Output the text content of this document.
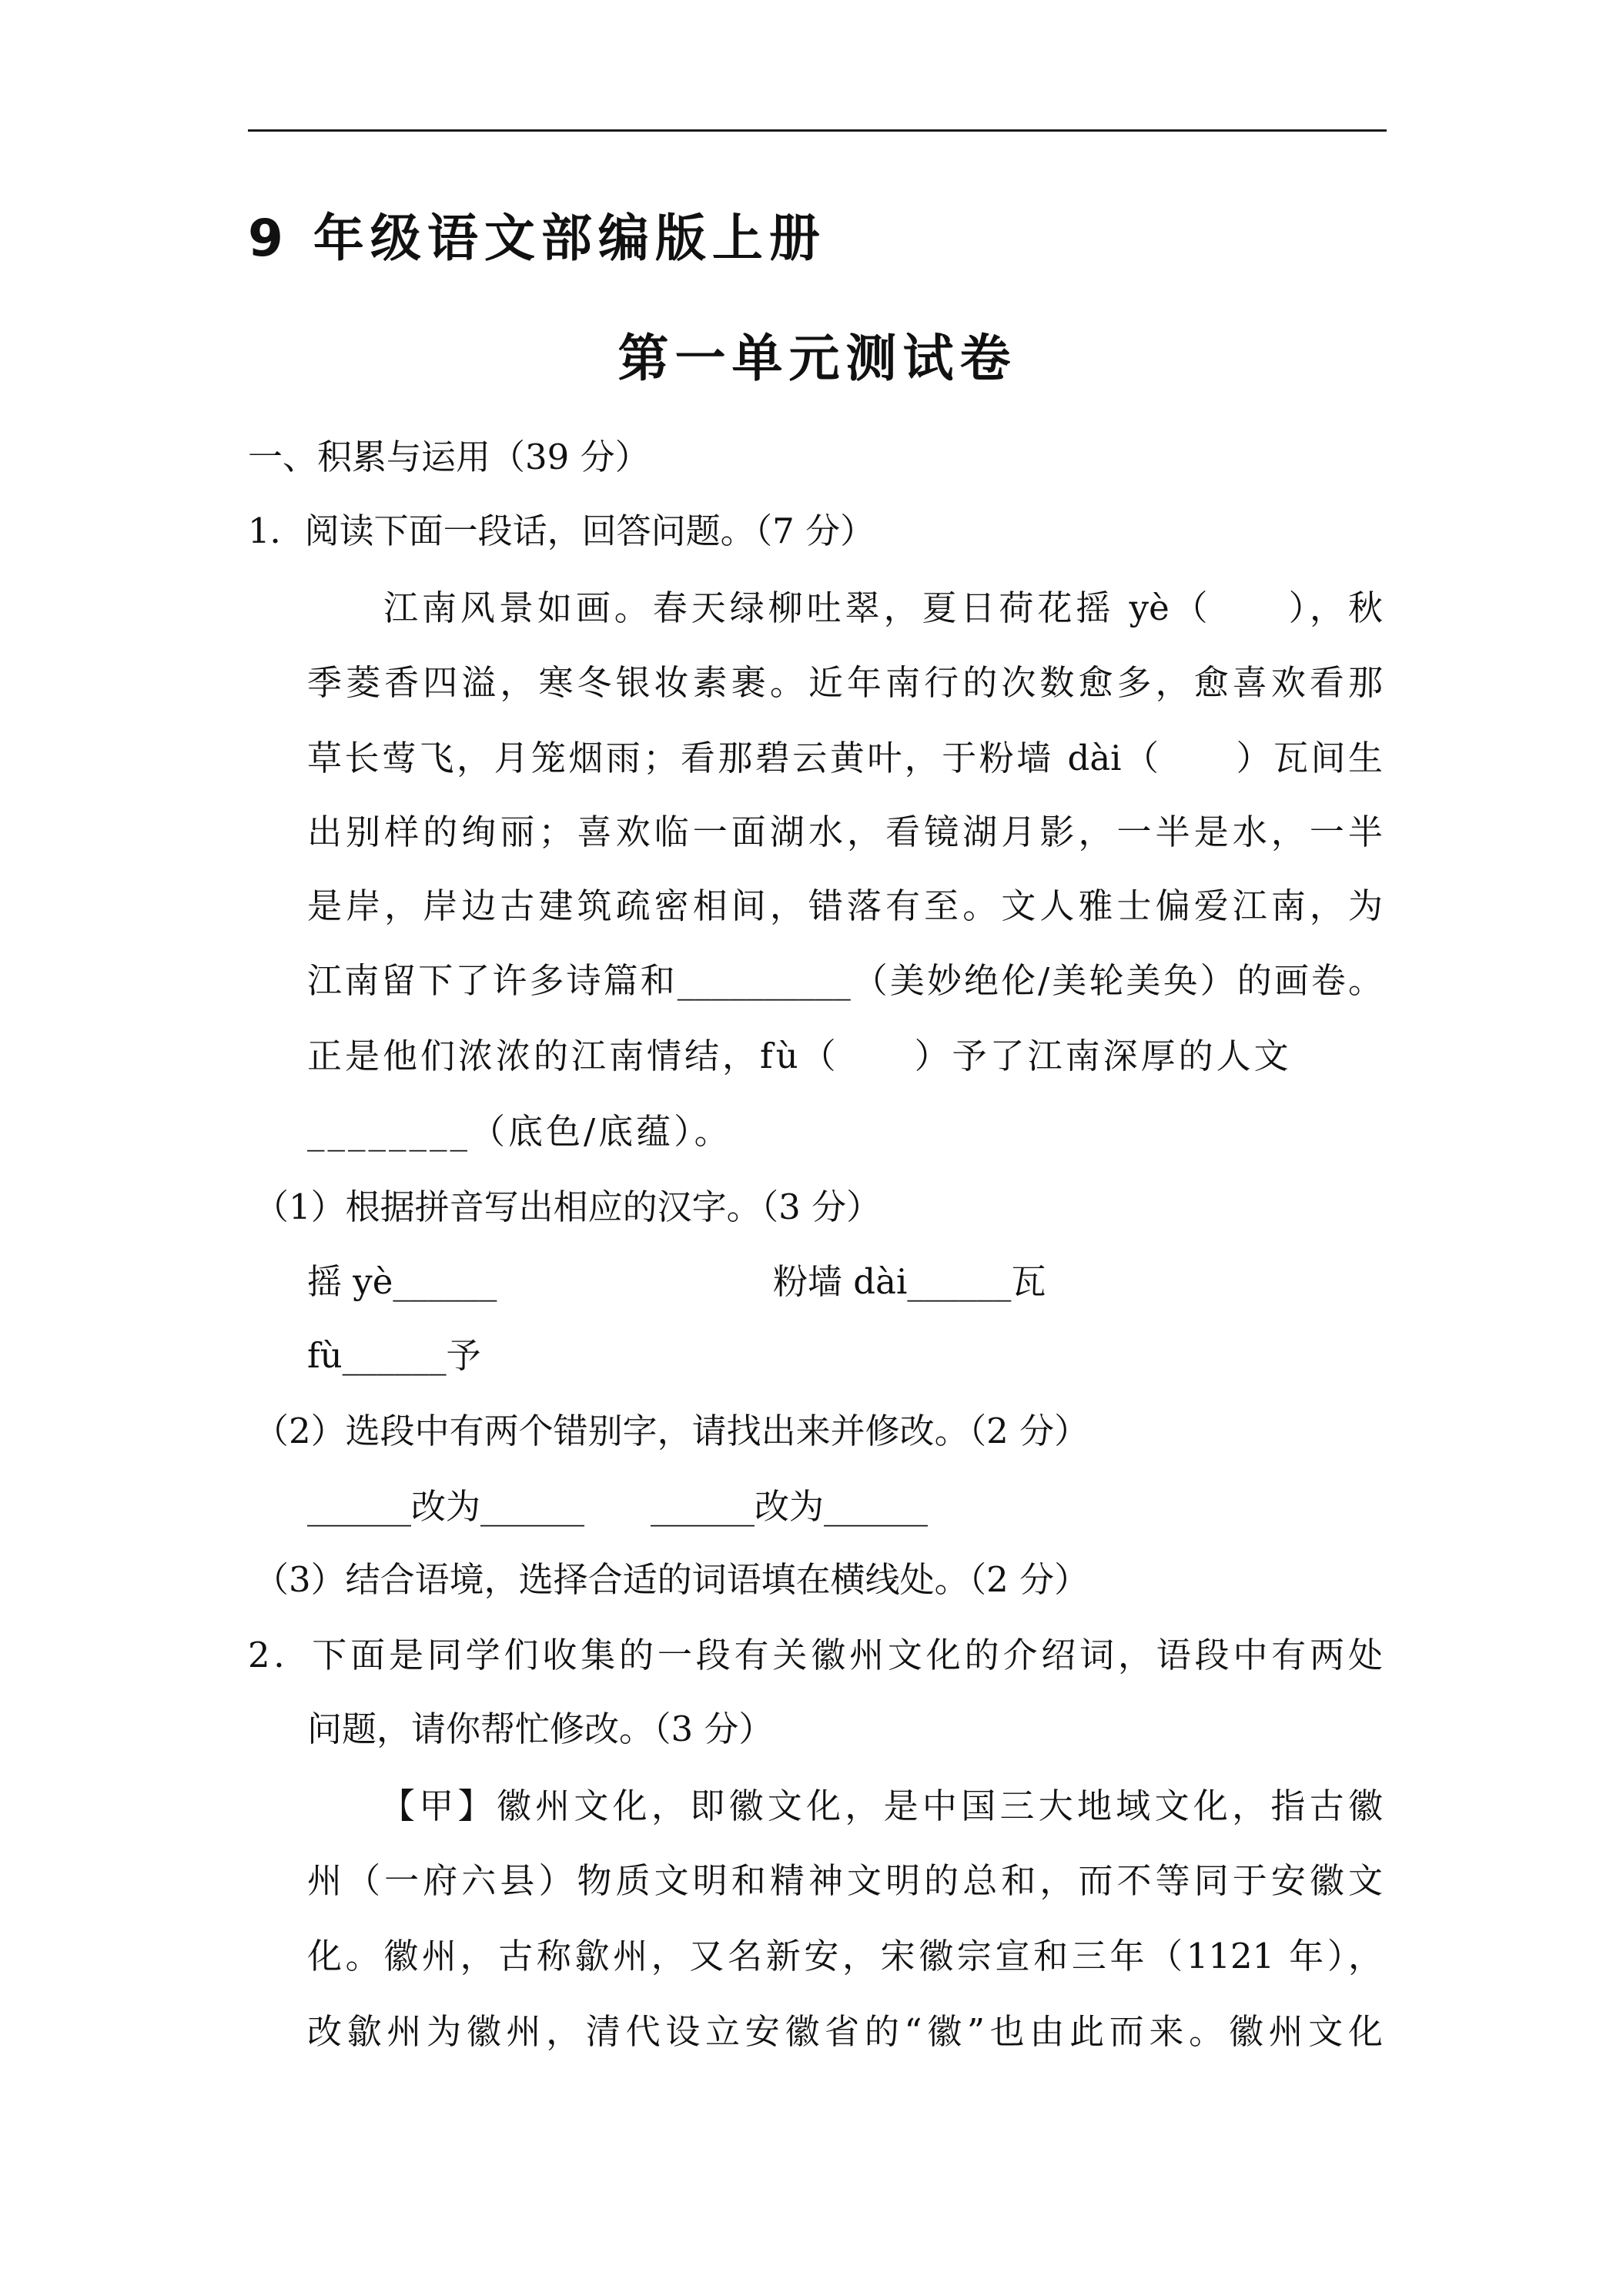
9 年级语文部编版上册
第一单元测试卷
一、积累与运用（39 分）
1．阅读下面一段话，回答问题。（7 分）
江南风景如画。春天绿柳吐翠，夏日荷花摇 yè（　　），秋
季菱香四溢，寒冬银妆素裹。近年南行的次数愈多，愈喜欢看那
草长莺飞，月笼烟雨；看那碧云黄叶，于粉墙 dài（　　）瓦间生
出别样的绚丽；喜欢临一面湖水，看镜湖月影，一半是水，一半
是岸，岸边古建筑疏密相间，错落有至。文人雅士偏爱江南，为
江南留下了许多诗篇和__________（美妙绝伦/美轮美奂）的画卷。
正是他们浓浓的江南情结，fù（　　）予了江南深厚的人文
________（底色/底蕴）。
（1）根据拼音写出相应的汉字。（3 分）
摇 yè______	粉墙 dài______瓦
fù______予
（2）选段中有两个错别字，请找出来并修改。（2 分）
______改为______ ______改为______
（3）结合语境，选择合适的词语填在横线处。（2 分）
2．下面是同学们收集的一段有关徽州文化的介绍词，语段中有两处
问题，请你帮忙修改。（3 分）
【甲】徽州文化，即徽文化，是中国三大地域文化，指古徽
州（一府六县）物质文明和精神文明的总和，而不等同于安徽文
化。徽州，古称歙州，又名新安，宋徽宗宣和三年（1121 年），
改歙州为徽州，清代设立安徽省的“徽”也由此而来。徽州文化
